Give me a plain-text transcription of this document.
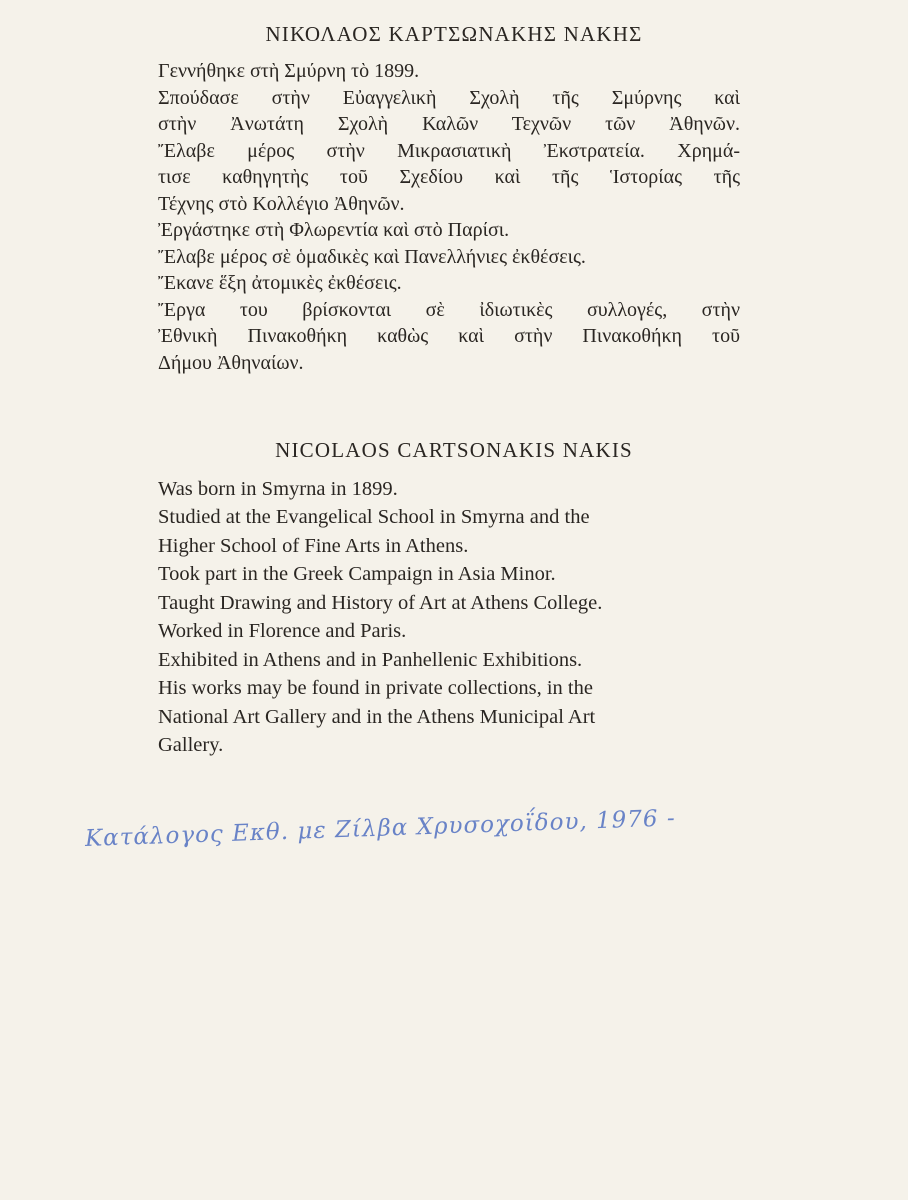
ΝΙΚΟΛΑΟΣ ΚΑΡΤΣΩΝΑΚΗΣ ΝΑΚΗΣ
Γεννήθηκε στὴ Σμύρνη τὸ 1899.
Σπούδασε στὴν Εὐαγγελικὴ Σχολὴ τῆς Σμύρνης καὶ
στὴν Ἀνωτάτη Σχολὴ Καλῶν Τεχνῶν τῶν Ἀθηνῶν.
Ἔλαβε μέρος στὴν Μικρασιατικὴ Ἐκστρατεία. Χρημά-
τισε καθηγητὴς τοῦ Σχεδίου καὶ τῆς Ἱστορίας τῆς
Τέχνης στὸ Κολλέγιο Ἀθηνῶν.
Ἐργάστηκε στὴ Φλωρεντία καὶ στὸ Παρίσι.
Ἔλαβε μέρος σὲ ὁμαδικὲς καὶ Πανελλήνιες ἐκθέσεις.
Ἔκανε ἕξη ἀτομικὲς ἐκθέσεις.
Ἔργα του βρίσκονται σὲ ἰδιωτικὲς συλλογές, στὴν
Ἐθνικὴ Πινακοθήκη καθὼς καὶ στὴν Πινακοθήκη τοῦ
Δήμου Ἀθηναίων.
NICOLAOS CARTSONAKIS NAKIS
Was born in Smyrna in 1899.
Studied at the Evangelical School in Smyrna and the
Higher School of Fine Arts in Athens.
Took part in the Greek Campaign in Asia Minor.
Taught Drawing and History of Art at Athens College.
Worked in Florence and Paris.
Exhibited in Athens and in Panhellenic Exhibitions.
His works may be found in private collections, in the
National Art Gallery and in the Athens Municipal Art
Gallery.
Κατάλογος Εκθ. με Ζίλβα Χρυσοχοΐδου, 1976 -
